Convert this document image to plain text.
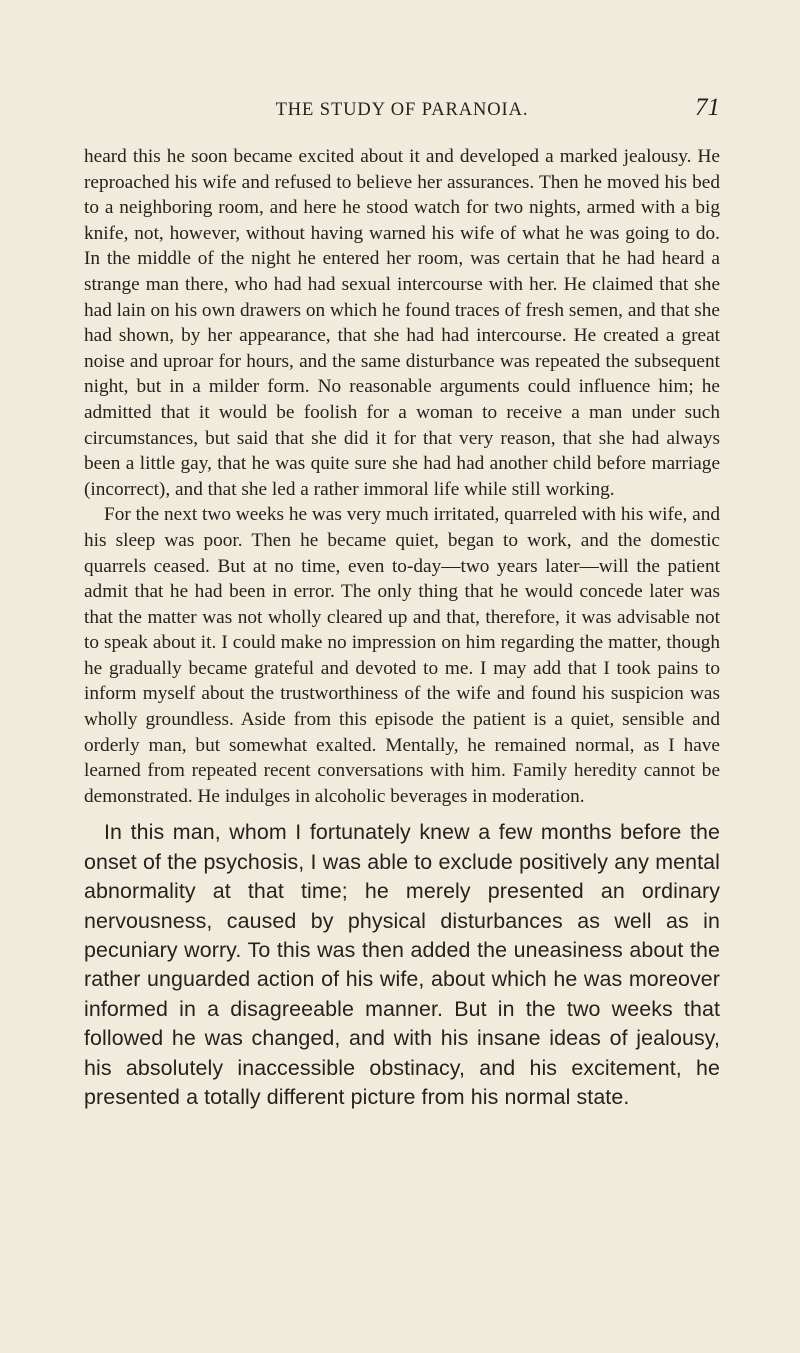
THE STUDY OF PARANOIA.	71

heard this he soon became excited about it and developed a marked jealousy. He reproached his wife and refused to believe her assurances. Then he moved his bed to a neighboring room, and here he stood watch for two nights, armed with a big knife, not, however, without having warned his wife of what he was going to do. In the middle of the night he entered her room, was certain that he had heard a strange man there, who had had sexual intercourse with her. He claimed that she had lain on his own drawers on which he found traces of fresh semen, and that she had shown, by her appearance, that she had had intercourse. He created a great noise and uproar for hours, and the same disturbance was repeated the subsequent night, but in a milder form. No reasonable arguments could influence him; he admitted that it would be foolish for a woman to receive a man under such circumstances, but said that she did it for that very reason, that she had always been a little gay, that he was quite sure she had had another child before marriage (incorrect), and that she led a rather immoral life while still working.

For the next two weeks he was very much irritated, quarreled with his wife, and his sleep was poor. Then he became quiet, began to work, and the domestic quarrels ceased. But at no time, even to-day—two years later—will the patient admit that he had been in error. The only thing that he would concede later was that the matter was not wholly cleared up and that, therefore, it was advisable not to speak about it. I could make no impression on him regarding the matter, though he gradually became grateful and devoted to me. I may add that I took pains to inform myself about the trustworthiness of the wife and found his suspicion was wholly groundless. Aside from this episode the patient is a quiet, sensible and orderly man, but somewhat exalted. Mentally, he remained normal, as I have learned from repeated recent conversations with him. Family heredity cannot be demonstrated. He indulges in alcoholic beverages in moderation.

In this man, whom I fortunately knew a few months before the onset of the psychosis, I was able to exclude positively any mental abnormality at that time; he merely presented an ordinary nervousness, caused by physical disturbances as well as in pecuniary worry. To this was then added the uneasiness about the rather unguarded action of his wife, about which he was moreover informed in a disagreeable manner. But in the two weeks that followed he was changed, and with his insane ideas of jealousy, his absolutely inaccessible obstinacy, and his excitement, he presented a totally different picture from his normal state.
